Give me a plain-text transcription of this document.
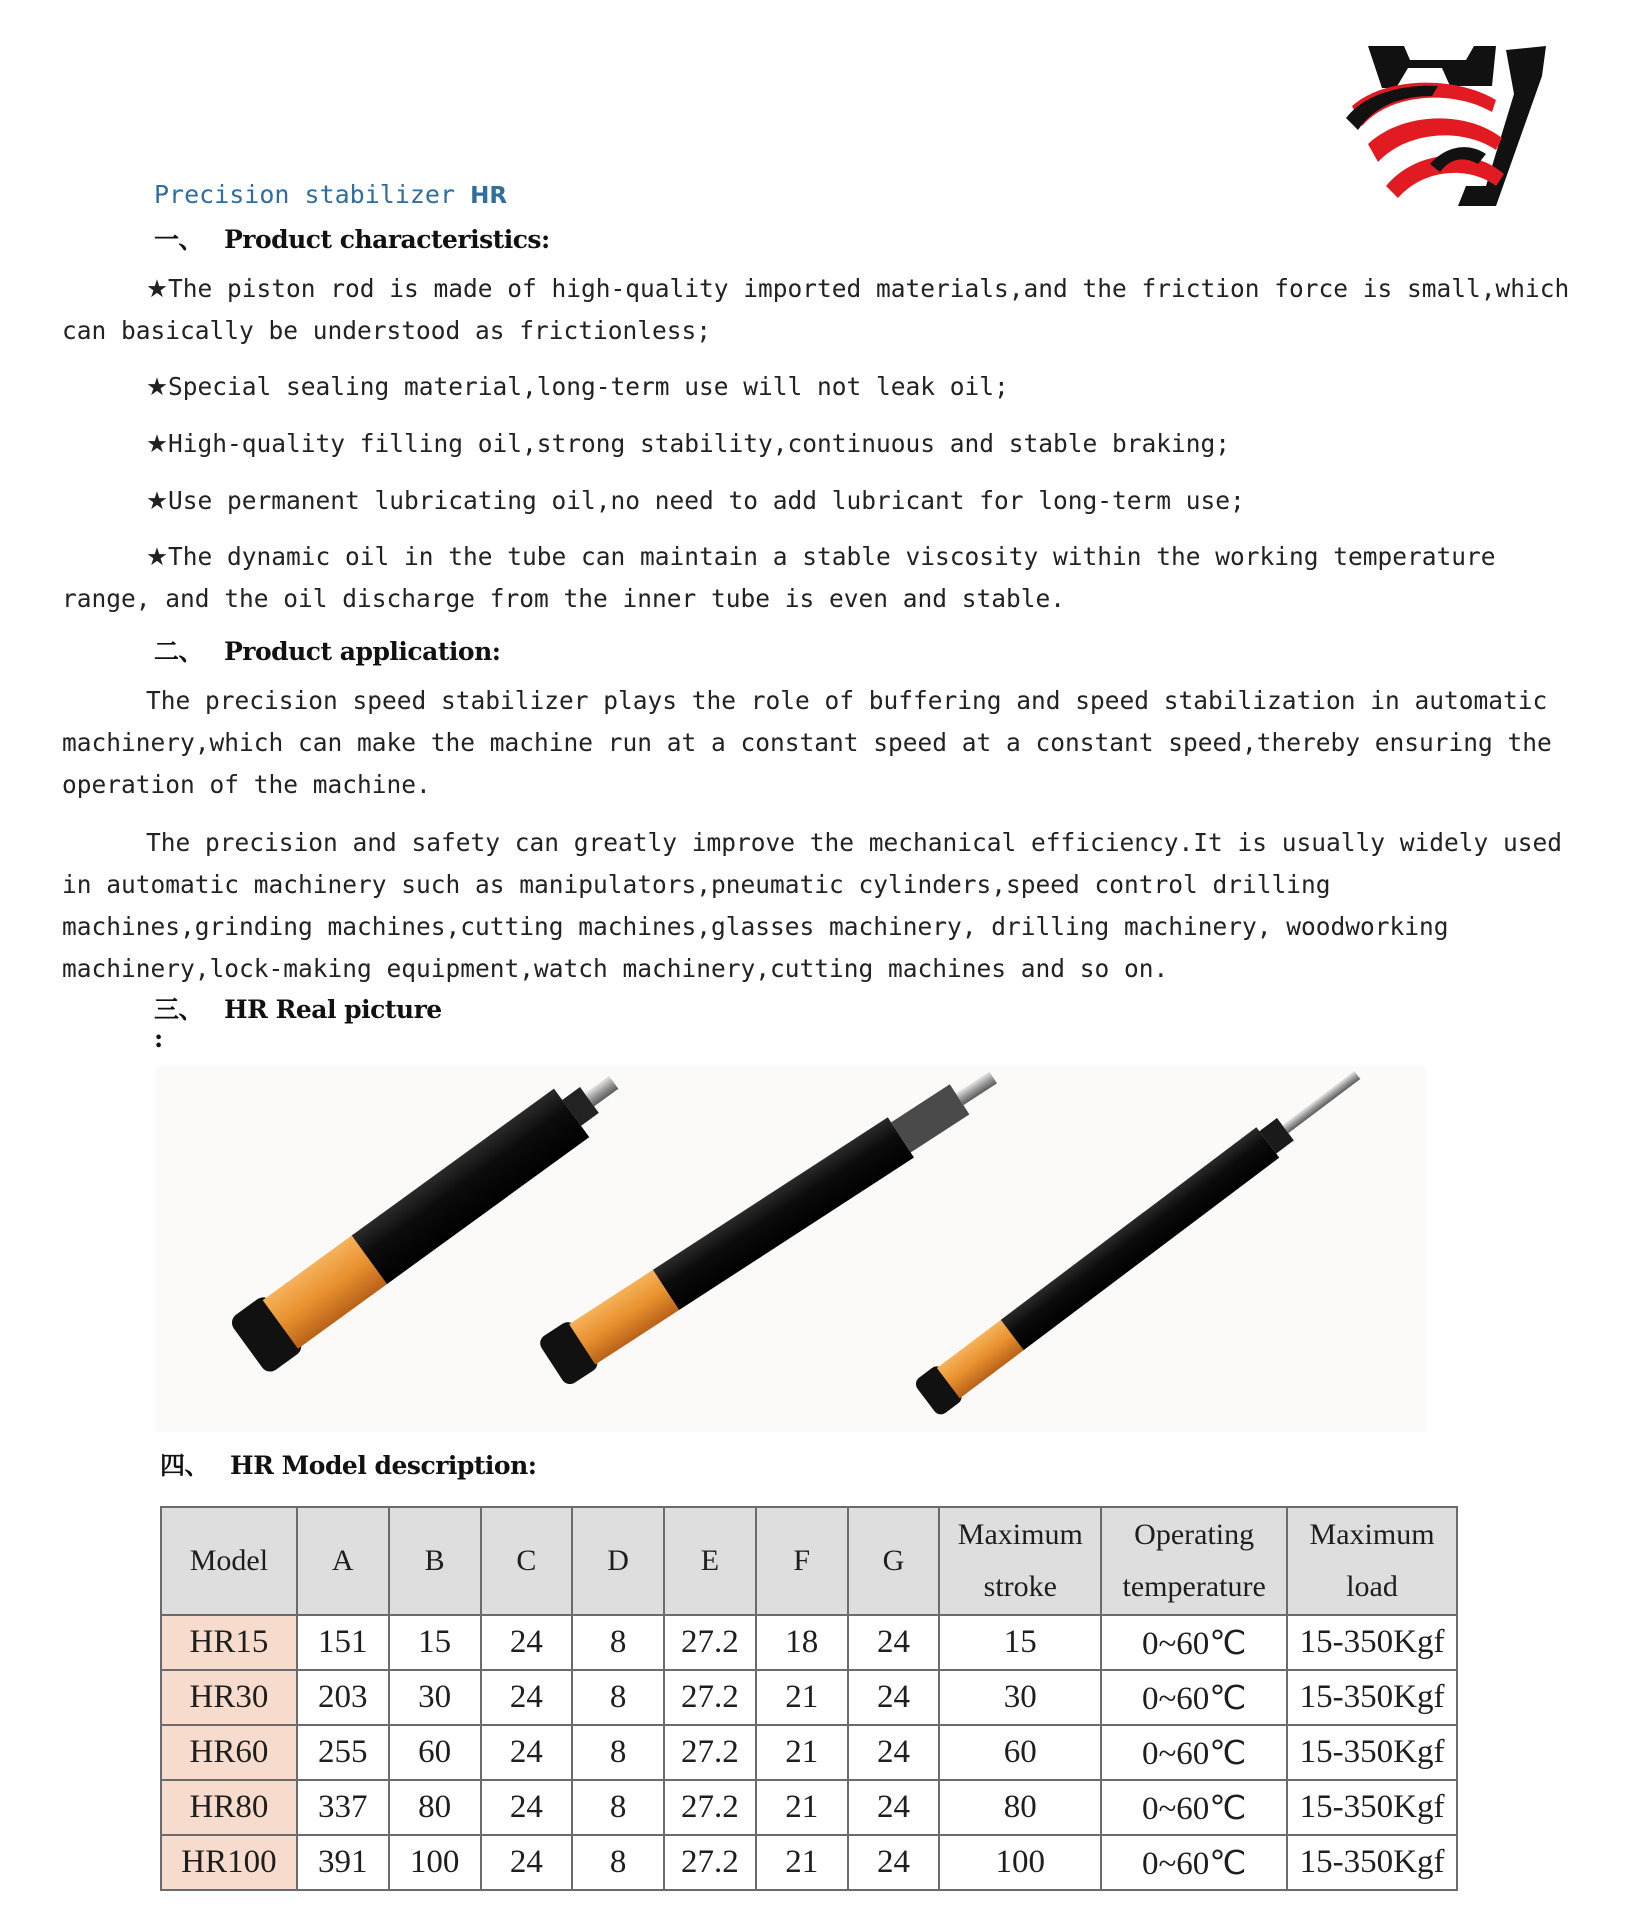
Precision stabilizer HR
一、 Product characteristics:
★The piston rod is made of high-quality imported materials,and the friction force is small,which can basically be understood as frictionless;
★Special sealing material,long-term use will not leak oil;
★High-quality filling oil,strong stability,continuous and stable braking;
★Use permanent lubricating oil,no need to add lubricant for long-term use;
★The dynamic oil in the tube can maintain a stable viscosity within the working temperature range, and the oil discharge from the inner tube is even and stable.
二、 Product application:
The precision speed stabilizer plays the role of buffering and speed stabilization in automatic machinery,which can make the machine run at a constant speed at a constant speed,thereby ensuring the operation of the machine.
The precision and safety can greatly improve the mechanical efficiency.It is usually widely used in automatic machinery such as manipulators,pneumatic cylinders,speed control drilling machines,grinding machines,cutting machines,glasses machinery, drilling machinery, woodworking machinery,lock-making equipment,watch machinery,cutting machines and so on.
三、 HR Real picture
:
四、 HR Model description:
Model	A	B	C	D	E	F	G	Maximum stroke	Operating temperature	Maximum load
HR15	151	15	24	8	27.2	18	24	15	0~60℃	15-350Kgf
HR30	203	30	24	8	27.2	21	24	30	0~60℃	15-350Kgf
HR60	255	60	24	8	27.2	21	24	60	0~60℃	15-350Kgf
HR80	337	80	24	8	27.2	21	24	80	0~60℃	15-350Kgf
HR100	391	100	24	8	27.2	21	24	100	0~60℃	15-350Kgf
